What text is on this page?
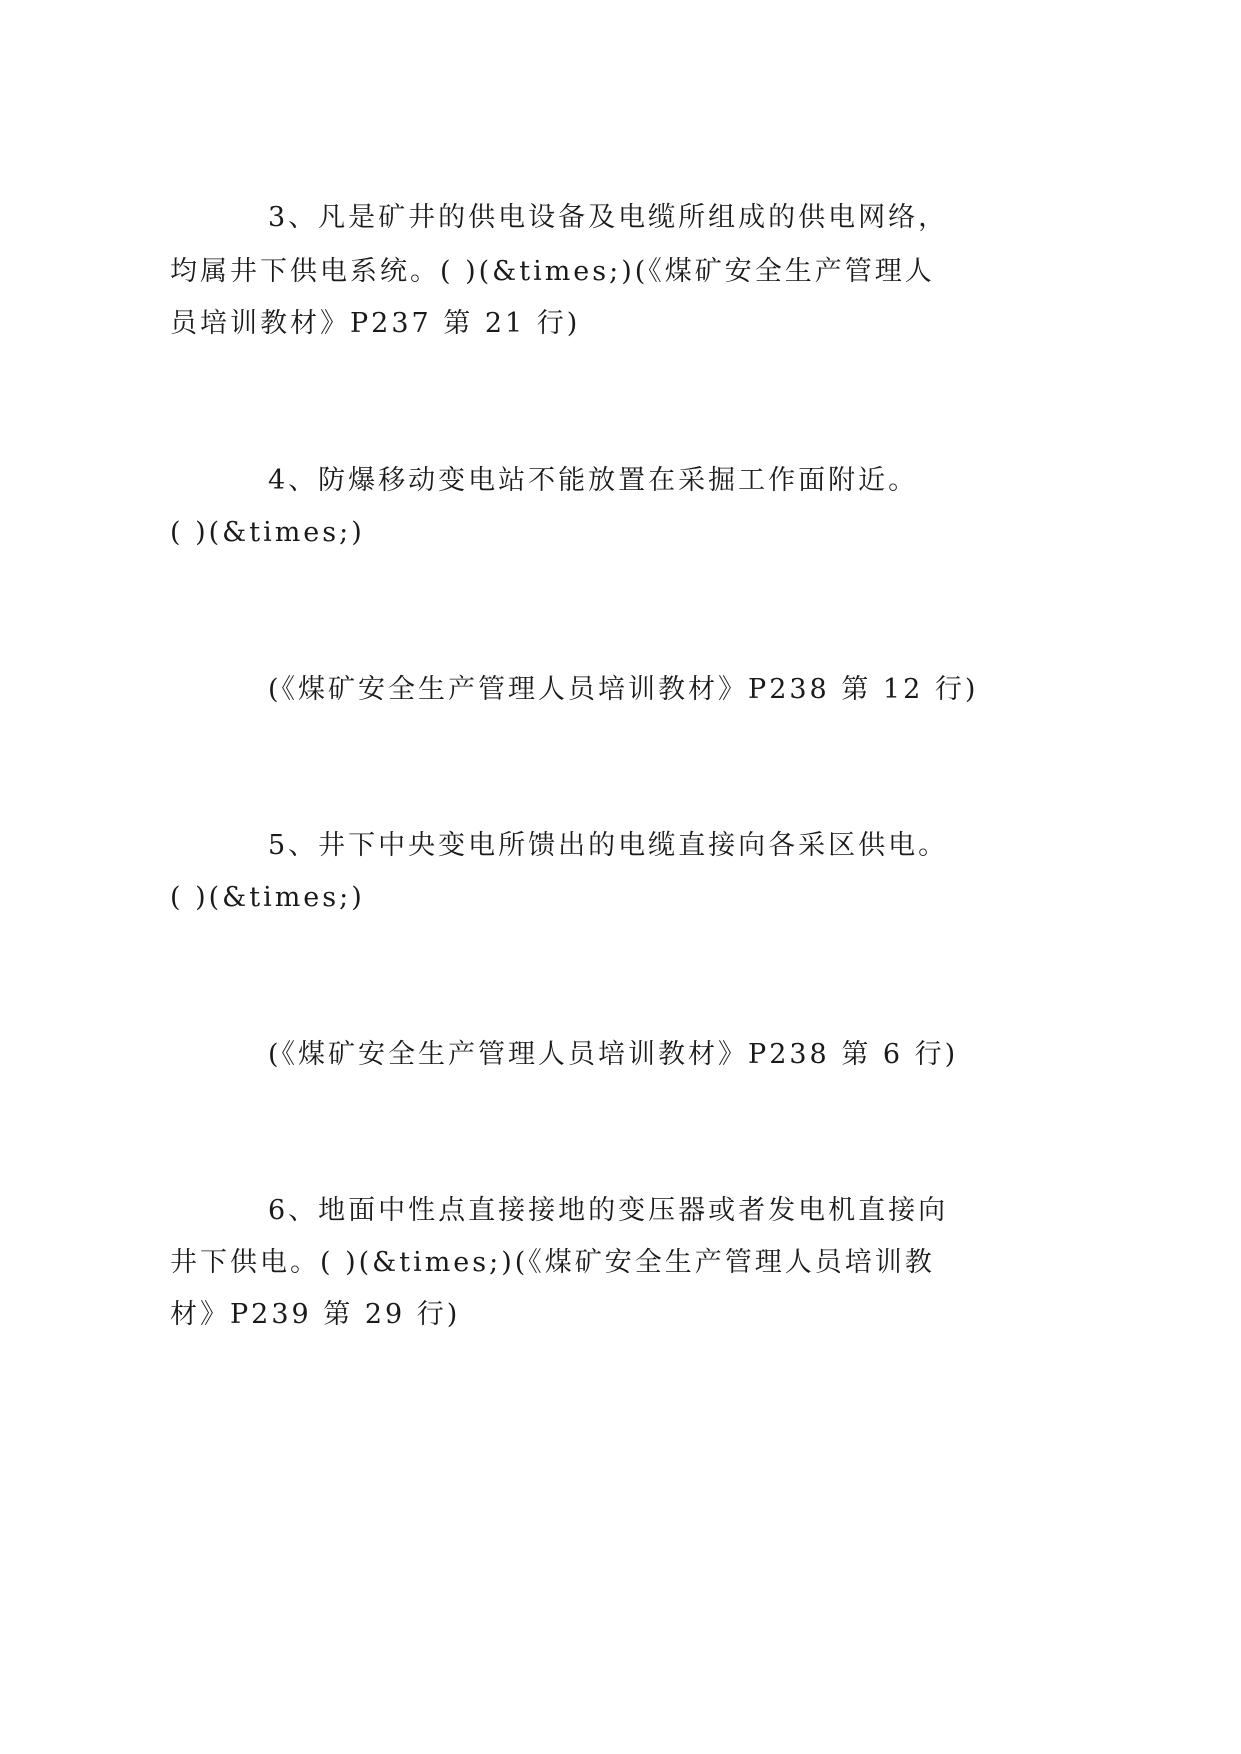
3、凡是矿井的供电设备及电缆所组成的供电网络，

均属井下供电系统。( )(&times;)(《煤矿安全生产管理人

员培训教材》P237 第 21 行)

4、防爆移动变电站不能放置在采掘工作面附近。

( )(&times;)

(《煤矿安全生产管理人员培训教材》P238 第 12 行)

5、井下中央变电所馈出的电缆直接向各采区供电。

( )(&times;)

(《煤矿安全生产管理人员培训教材》P238 第 6 行)

6、地面中性点直接接地的变压器或者发电机直接向

井下供电。( )(&times;)(《煤矿安全生产管理人员培训教

材》P239 第 29 行)
